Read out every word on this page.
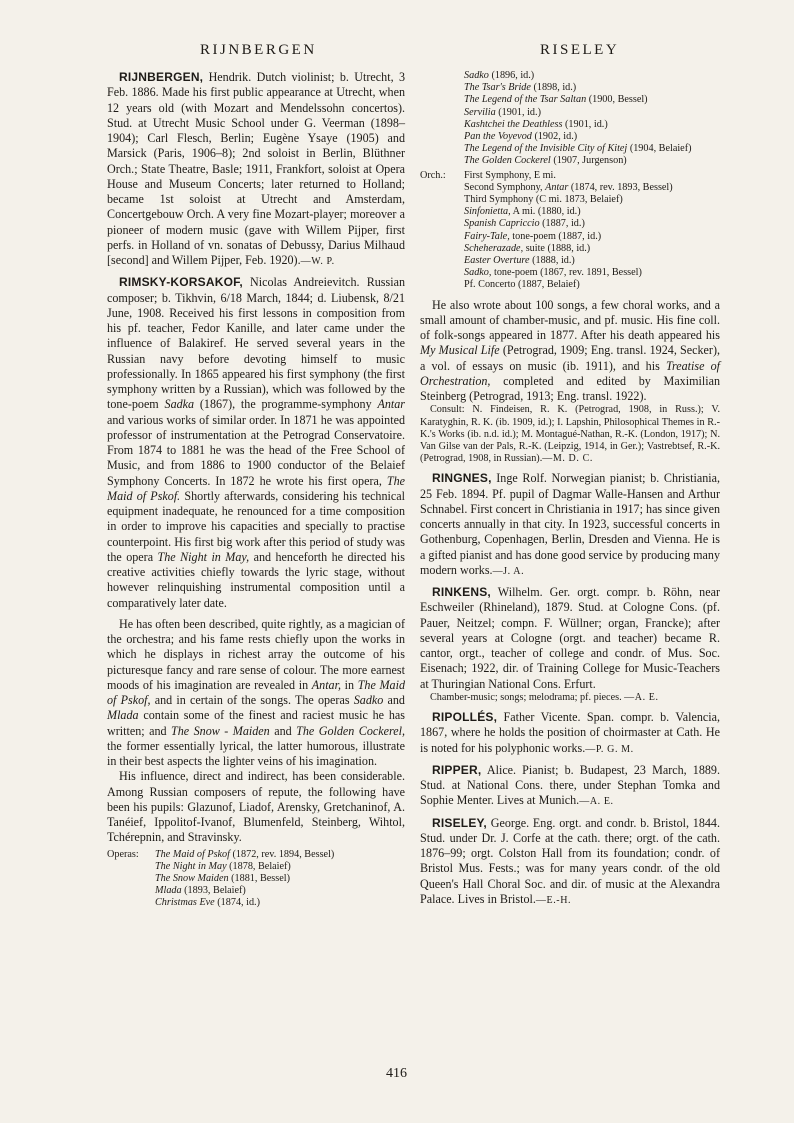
RIJNBERGEN	RISELEY

RIJNBERGEN, Hendrik. Dutch violinist; b. Utrecht, 3 Feb. 1886. Made his first public appearance at Utrecht, when 12 years old (with Mozart and Mendelssohn concertos). Stud. at Utrecht Music School under G. Veerman (1898–1904); Carl Flesch, Berlin; Eugène Ysaye (1905) and Marsick (Paris, 1906–8); 2nd soloist in Berlin, Blüthner Orch.; State Theatre, Basle; 1911, Frankfort, soloist at Opera House and Museum Concerts; later returned to Holland; became 1st soloist at Utrecht and Amsterdam, Concertgebouw Orch. A very fine Mozart-player; moreover a pioneer of modern music (gave with Willem Pijper, first perfs. in Holland of vn. sonatas of Debussy, Darius Milhaud [second] and Willem Pijper, Feb. 1920).—W. P.

RIMSKY-KORSAKOF, Nicolas Andreievitch. Russian composer; b. Tikhvin, 6/18 March, 1844; d. Liubensk, 8/21 June, 1908. Received his first lessons in composition from his pf. teacher, Fedor Kanille, and later came under the influence of Balakiref. He served several years in the Russian navy before devoting himself to music professionally. In 1865 appeared his first symphony (the first symphony written by a Russian), which was followed by the tone-poem Sadka (1867), the programme-symphony Antar and various works of similar order. In 1871 he was appointed professor of instrumentation at the Petrograd Conservatoire. From 1874 to 1881 he was the head of the Free School of Music, and from 1886 to 1900 conductor of the Belaief Symphony Concerts. In 1872 he wrote his first opera, The Maid of Pskof. Shortly afterwards, considering his technical equipment inadequate, he renounced for a time composition in order to improve his capacities and specially to practise counterpoint. His first big work after this period of study was the opera The Night in May, and henceforth he directed his creative activities chiefly towards the lyric stage, without however relinquishing instrumental composition until a comparatively later date.

He has often been described, quite rightly, as a magician of the orchestra; and his fame rests chiefly upon the works in which he displays in richest array the outcome of his picturesque fancy and rare sense of colour. The more earnest moods of his imagination are revealed in Antar, in The Maid of Pskof, and in certain of the songs. The operas Sadko and Mlada contain some of the finest and raciest music he has written; and The Snow - Maiden and The Golden Cockerel, the former essentially lyrical, the latter humorous, illustrate in their best aspects the lighter veins of his imagination.

His influence, direct and indirect, has been considerable. Among Russian composers of repute, the following have been his pupils: Glazunof, Liadof, Arensky, Gretchaninof, A. Tanéief, Ippolitof-Ivanof, Blumenfeld, Steinberg, Wihtol, Tchérepnin, and Stravinsky.

Operas:	The Maid of Pskof (1872, rev. 1894, Bessel)
The Night in May (1878, Belaief)
The Snow Maiden (1881, Bessel)
Mlada (1893, Belaief)
Christmas Eve (1874, id.)
Sadko (1896, id.)
The Tsar's Bride (1898, id.)
The Legend of the Tsar Saltan (1900, Bessel)
Servilia (1901, id.)
Kashtchei the Deathless (1901, id.)
Pan the Voyevod (1902, id.)
The Legend of the Invisible City of Kitej (1904, Belaief)
The Golden Cockerel (1907, Jurgenson)
Orch.:	First Symphony, E mi.
Second Symphony, Antar (1874, rev. 1893, Bessel)
Third Symphony (C mi. 1873, Belaief)
Sinfonietta, A mi. (1880, id.)
Spanish Capriccio (1887, id.)
Fairy-Tale, tone-poem (1887, id.)
Scheherazade, suite (1888, id.)
Easter Overture (1888, id.)
Sadko, tone-poem (1867, rev. 1891, Bessel)
Pf. Concerto (1887, Belaief)

He also wrote about 100 songs, a few choral works, and a small amount of chamber-music, and pf. music. His fine coll. of folk-songs appeared in 1877. After his death appeared his My Musical Life (Petrograd, 1909; Eng. transl. 1924, Secker), a vol. of essays on music (ib. 1911), and his Treatise of Orchestration, completed and edited by Maximilian Steinberg (Petrograd, 1913; Eng. transl. 1922).

Consult: N. Findeisen, R. K. (Petrograd, 1908, in Russ.); V. Karatyghin, R. K. (ib. 1909, id.); I. Lapshin, Philosophical Themes in R.-K.'s Works (ib. n.d. id.); M. Montagué-Nathan, R.-K. (London, 1917); N. Van Gilse van der Pals, R.-K. (Leipzig, 1914, in Ger.); Vastrebtsef, R.-K. (Petrograd, 1908, in Russian).—M. D. C.

RINGNES, Inge Rolf. Norwegian pianist; b. Christiania, 25 Feb. 1894. Pf. pupil of Dagmar Walle-Hansen and Arthur Schnabel. First concert in Christiania in 1917; has since given concerts annually in that city. In 1923, successful concerts in Gothenburg, Copenhagen, Berlin, Dresden and Vienna. He is a gifted pianist and has done good service by producing many modern works.—J. A.

RINKENS, Wilhelm. Ger. orgt. compr. b. Röhn, near Eschweiler (Rhineland), 1879. Stud. at Cologne Cons. (pf. Pauer, Neitzel; compn. F. Wüllner; organ, Francke); after several years at Cologne (orgt. and teacher) became R. cantor, orgt., teacher of college and condr. of Mus. Soc. Eisenach; 1922, dir. of Training College for Music-Teachers at Thuringian National Cons. Erfurt.

Chamber-music; songs; melodrama; pf. pieces. —A. E.

RIPOLLÉS, Father Vicente. Span. compr. b. Valencia, 1867, where he holds the position of choirmaster at Cath. He is noted for his polyphonic works.—P. G. M.

RIPPER, Alice. Pianist; b. Budapest, 23 March, 1889. Stud. at National Cons. there, under Stephan Tomka and Sophie Menter. Lives at Munich.—A. E.

RISELEY, George. Eng. orgt. and condr. b. Bristol, 1844. Stud. under Dr. J. Corfe at the cath. there; orgt. of the cath. 1876–99; orgt. Colston Hall from its foundation; condr. of Bristol Mus. Fests.; was for many years condr. of the old Queen's Hall Choral Soc. and dir. of music at the Alexandra Palace. Lives in Bristol.—E.-H.

416
